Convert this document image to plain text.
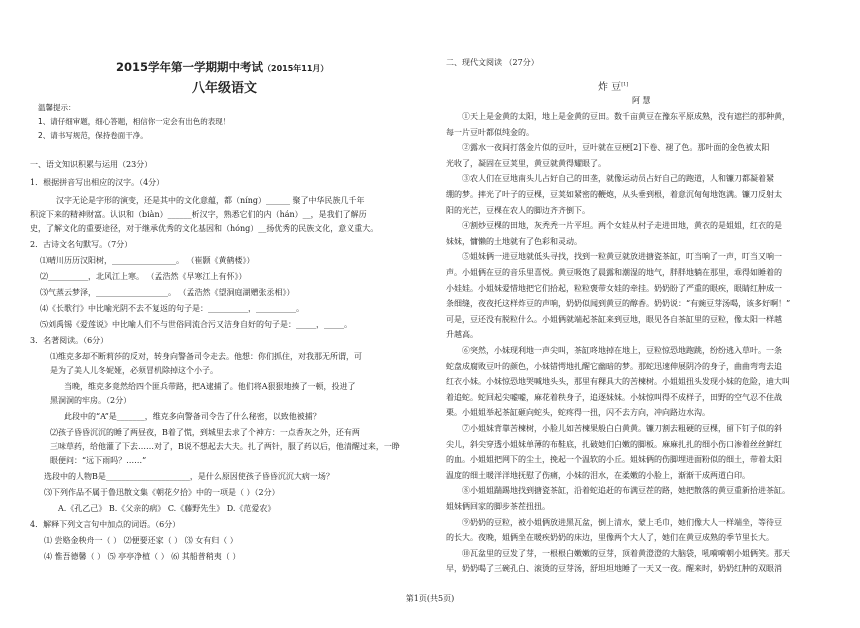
2015学年第一学期期中考试（2015年11月）
八年级语文
温馨提示：
1、请仔细审题，细心答题，相信你一定会有出色的表现！
2、请书写规范，保持卷面干净。
一、语文知识积累与运用（23分）
1．根据拼音写出相应的汉字。（4分）
汉字无论是字形的演变，还是其中的文化意蕴，都（níng）______ 聚了中华民族几千年
积淀下来的精神财富。认识和（biàn）______析汉字，熟悉它们的内（hán）__，是我们了解历
史，了解文化的重要途径，对于继承优秀的文化基因和（hóng）__扬优秀的民族文化，意义重大。
2．古诗文名句默写。（7分）
⑴晴川历历汉阳树，________________。 （崔颢《黄鹤楼》）
⑵__________，北风江上寒。 （孟浩然《早寒江上有怀》）
⑶气蒸云梦泽，__________________。 （孟浩然《望洞庭湖赠张丞相》）
⑷《长歌行》中比喻光阴不去不复返的句子是：__________，__________。
⑸刘禹锡《爱莲说》中比喻人们不与世俗同流合污又洁身自好的句子是：_____，_____。
3．名著阅读。（6分）
⑴维克多却不断莉莎的反对，转身向警备司令走去。他想：你们抓住，对我那无所谓，可
是为了美人儿冬妮娅，必须冒机除掉这个小子。
当晚，维克多竟然给四个匪兵带路，把A逮捕了。他们将A狠狠地揍了一顿，投进了
黑洞洞的牢房。（2分）
此段中的“A”是_______，维克多向警备司令告了什么秘密，以致他被捕？
⑵孩子昏昏沉沉的睡了两昼夜，B着了慌，到城里去求了个神方：一点香灰之外，还有两
三味草药，给他灌了下去……对了，B说不想起去大夫。扎了两针，服了药以后，他清醒过来，一睁
眼便问：“远下雨吗？……”
选段中的人物B是_____________________，是什么原因使孩子昏昏沉沉大病一场？
⑶下列作品不属于鲁迅散文集《朝花夕拾》中的一项是（ ）（2分）
A.《孔乙己》 B.《父亲的病》 C.《藤野先生》 D.《范爱农》
4．解释下列文言句中加点的词语。（6分）
⑴ 尝赂金秧舟一（ ） ⑵便要还家（ ） ⑶ 女有归（ ）
⑷ 惟吾德馨（ ） ⑸ 亭亭净植（ ） ⑹ 其船普稍夷（ ）
二、现代文阅读 （27分）
炸 豆[1]
阿 慧
①天上是金黄的太阳，地上是金黄的豆田。数千亩黄豆在豫东平原成熟，没有遮拦的那种黄，
每一片豆叶都似纯金的。
②露水一夜间打落金片似的豆叶，豆叶就在豆梗[2]下卷、褪了色。那叶面的金色被太阳
光收了，凝固在豆荚里，黄豆就黄得耀眼了。
③农人们在豆地南头儿占好自己的田垄，就像运动员占好自己的跑道，人和镰刀都凝着紧
绷的梦。摔光了叶子的豆棵，豆荚如紧密的鞭炮，从头垂到根，着意沉甸甸地饱满。镰刀反射太
阳的光芒，豆棵在农人的脚边齐齐倒下。
④割炒豆棵的田地，灰秃秃一片平坦。两个女娃从村子走进田地，黄衣的是姐姐，红衣的是
妹妹，慵懒的土地就有了色彩和灵动。
⑤姐妹俩一进豆地就低头寻找，找到一粒黄豆就放进搪瓷茶缸，叮当响了一声，叮当又响一
声。小姐俩在豆的音乐里喜悦。黄豆吸饱了晨露和潮湿的地气，胖胖地躺在那里，乖得如睡着的
小娃娃。小姐妹爱惜地把它们拾起，粒粒褒带女娃的牵挂。奶奶盼了严重的眼疾，眼睛红肿成一
条细缝，夜夜托这样炸豆的声响，奶奶似闻到黄豆的醇香。奶奶说：“有豌豆芽汤喝，该多好啊！”
可是，豆还没有脱粒什么。小姐俩就端起茶缸来到豆地，眼见各自茶缸里的豆粒，像太阳一样越
升越高。
⑥突然，小妹现利地一声尖叫，茶缸咚地掉在地上，豆粒惊恐地跑跳，纷纷逃入草叶。一条
蛇盘成腐败豆叶的颜色，小妹错愕地扎醒它幽暗的梦。那蛇迅速伸展阴冷的身子，曲曲弯弯去追
红衣小妹。小妹惊恐地哭喊地头头，那里有稞具大的苦楝树。小姐姐扭头发现小妹的危险，迪大叫
着追蛇。蛇回起尖嘘嘘，麻花着秩身子，追逐妹妹。小妹惊叫得不成样子，田野的空气忍不住战
栗。小姐姐举起茶缸砸向蛇头，蛇疼得一扭，闪不去方向，冲向路边水沟。
⑦小姐妹背靠苦楝树，小脸儿如苦楝果般白白黄黄。镰刀割去粗硬的豆棵，留下钉子似的斜
尖儿，斜尖穿透小姐妹单薄的布鞋底，扎破她们白嫩的脚板。麻麻扎扎的细小伤口渗着丝丝鲜红
的血。小姐姐把网下的尘土，挽起一个温软的小丘。姐妹俩的伤脚埋进面粉似的细土，带着太阳
温度的细土暖洋洋地抚慰了伤痛，小妹的泪水，在柔嫩的小脸上，渐渐干成两道白印。
⑧小姐姐踹踢地找到搪瓷茶缸，沿着蛇追赶的布满豆茬的路，她把散落的黄豆重新拾进茶缸。
姐妹俩回家的脚步茶茬扭扭。
⑨奶奶的豆粒，被小姐俩放进黑瓦盆，倒上清水，蒙上毛巾，她们像大人一样端坐，等待豆
的长大。夜晚，姐俩坐在暖疾奶奶的床边，里像两个大人了，她们在黄豆成熟的季节里长大。
⑩瓦盆里的豆发了芽，一根根白嫩嫩的豆芽，顶着黄澄澄的大脑袋，吼嗬嗬朝小姐俩笑。那天
早，奶奶喝了三碗孔白、滚烫的豆芽汤，舒坦坦地睡了一天又一夜。醒来时，奶奶红肿的双眼消
第1页(共5页)
